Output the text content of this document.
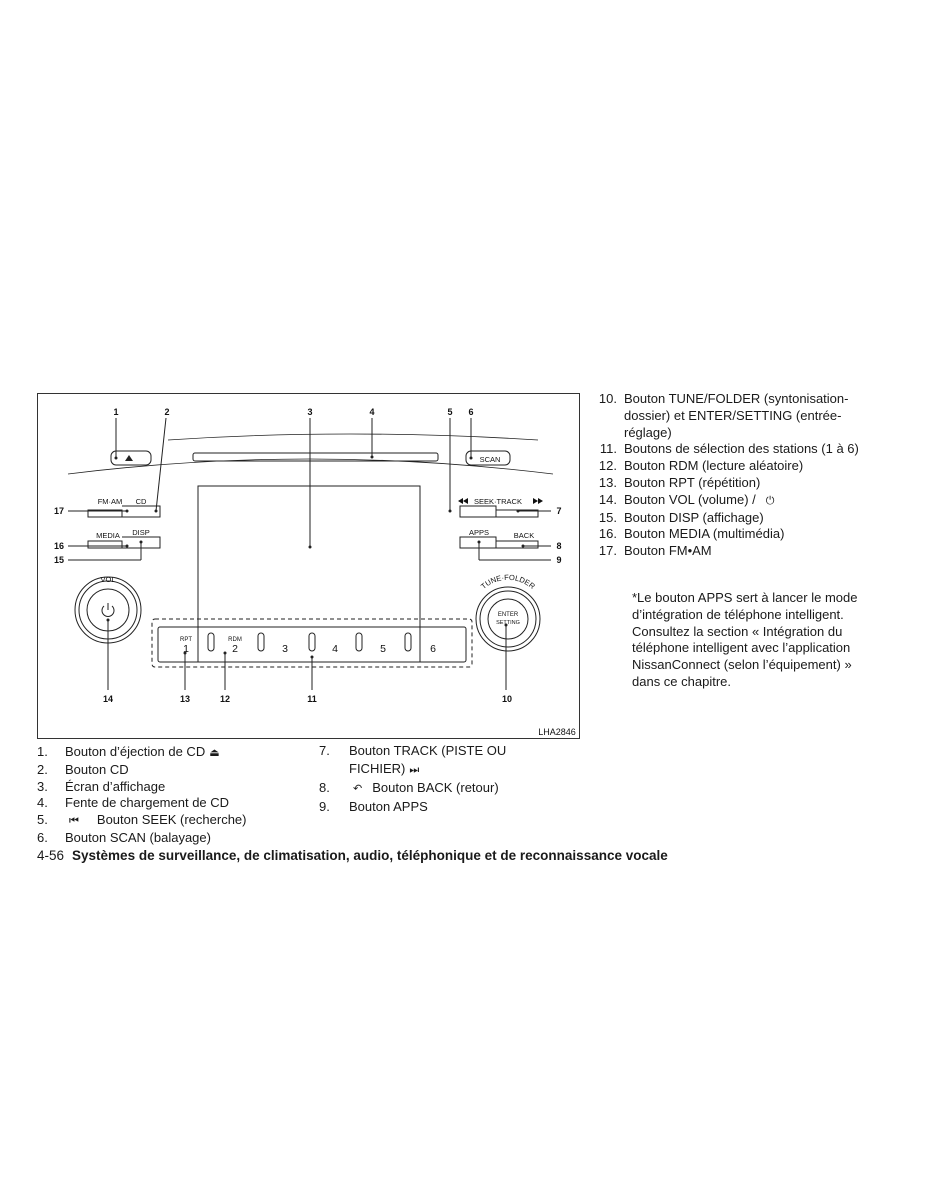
1	2	3	4	5 6
7
8
9
10
11
12
13
14
15
16
17
FM·AM CD
MEDIA DISP
SCAN
SEEK·TRACK
APPS	BACK
VOL
ENTER
SETTING
RPT	RDM
LHA2846
1	2	3	4	5	6
TUNE·FOLDER
1.	Bouton d’éjection de CD ⏏
2.	Bouton CD
3.	Écran d’affichage
4.	Fente de chargement de CD
5.	⏮ Bouton SEEK (recherche)
6.	Bouton SCAN (balayage)
7.	Bouton TRACK (PISTE OU
FICHIER) ⏭
8.	↶ Bouton BACK (retour)
9.	Bouton APPS
10. Bouton TUNE/FOLDER (syntonisation-dossier) et ENTER/SETTING (entrée-réglage)
11. Boutons de sélection des stations (1 à 6)
12. Bouton RDM (lecture aléatoire)
13. Bouton RPT (répétition)
14. Bouton VOL (volume) / ⏻
15. Bouton DISP (affichage)
16. Bouton MEDIA (multimédia)
17. Bouton FM•AM
*Le bouton APPS sert à lancer le mode d’intégration de téléphone intelligent. Consultez la section « Intégration du téléphone intelligent avec l’application NissanConnect (selon l’équipement) » dans ce chapitre.
4-56 Systèmes de surveillance, de climatisation, audio, téléphonique et de reconnaissance vocale
